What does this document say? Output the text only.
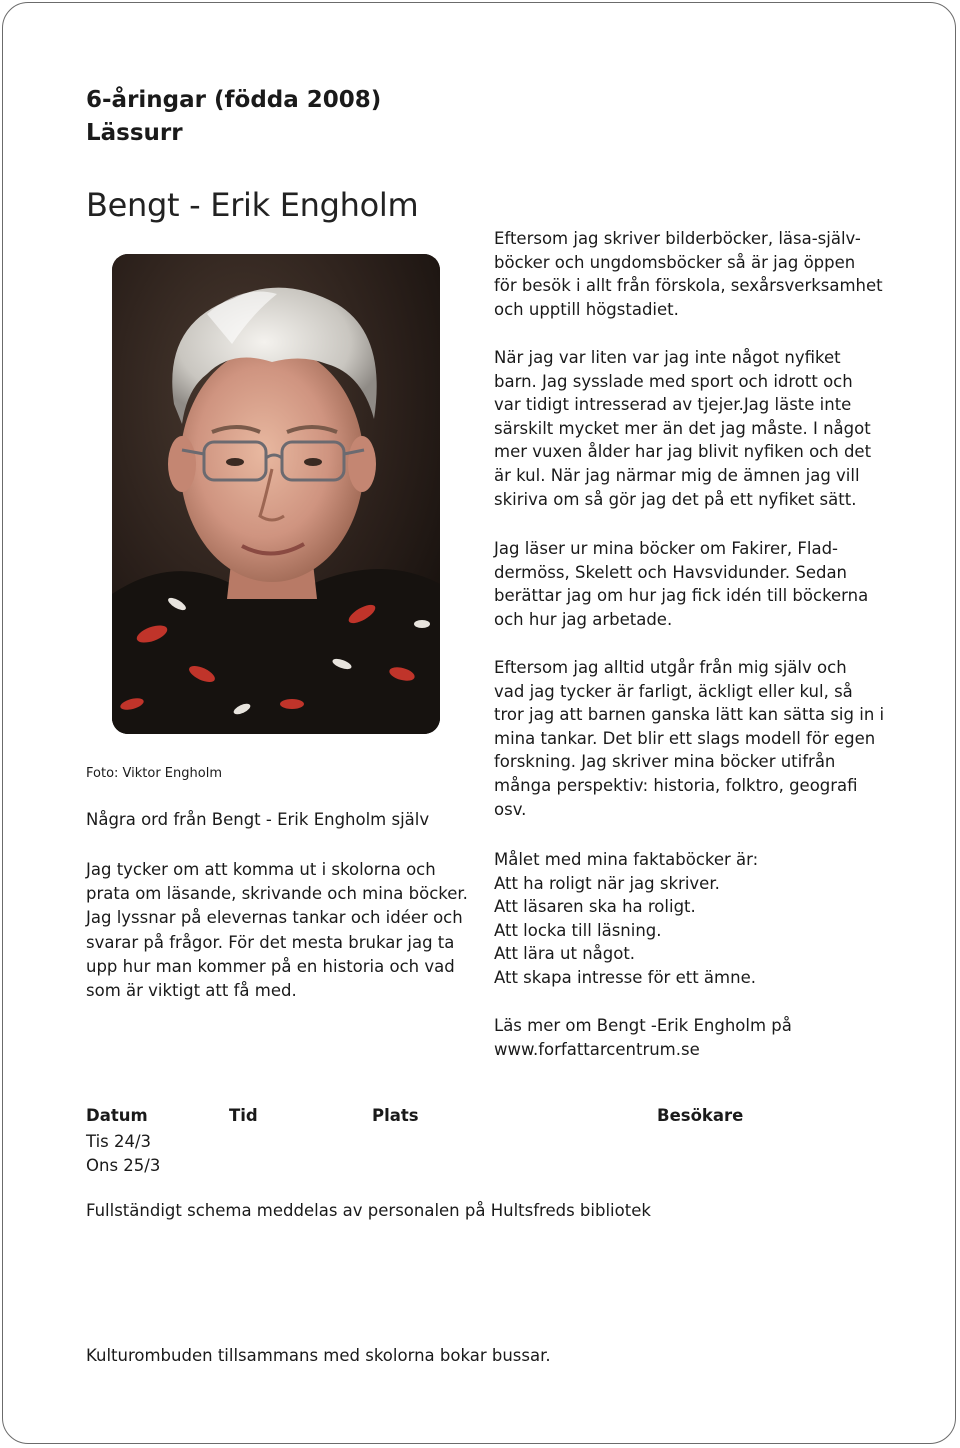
6-åringar (födda 2008)
Lässurr
Bengt - Erik Engholm
Foto: Viktor Engholm
Några ord från Bengt - Erik Engholm själv
Jag tycker om att komma ut i skolorna och
prata om läsande, skrivande och mina böcker.
Jag lyssnar på elevernas tankar och idéer och
svarar på frågor. För det mesta brukar jag ta
upp hur man kommer på en historia och vad
som är viktigt att få med.
Eftersom jag skriver bilderböcker, läsa-själv-
böcker och ungdomsböcker så är jag öppen
för besök i allt från förskola, sexårsverksamhet
och upptill högstadiet.
När jag var liten var jag inte något nyfiket
barn. Jag sysslade med sport och idrott och
var tidigt intresserad av tjejer.Jag läste inte
särskilt mycket mer än det jag måste. I något
mer vuxen ålder har jag blivit nyfiken och det
är kul. När jag närmar mig de ämnen jag vill
skiriva om så gör jag det på ett nyfiket sätt.
Jag läser ur mina böcker om Fakirer, Flad-
dermöss, Skelett och Havsvidunder. Sedan
berättar jag om hur jag fick idén till böckerna
och hur jag arbetade.
Eftersom jag alltid utgår från mig själv och
vad jag tycker är farligt, äckligt eller kul, så
tror jag att barnen ganska lätt kan sätta sig in i
mina tankar. Det blir ett slags modell för egen
forskning. Jag skriver mina böcker utifrån
många perspektiv: historia, folktro, geografi
osv.
Målet med mina faktaböcker är:
Att ha roligt när jag skriver.
Att läsaren ska ha roligt.
Att locka till läsning.
Att lära ut något.
Att skapa intresse för ett ämne.
Läs mer om Bengt -Erik Engholm på
www.forfattarcentrum.se
Datum	Tid	Plats	Besökare
Tis 24/3
Ons 25/3
Fullständigt schema meddelas av personalen på Hultsfreds bibliotek
Kulturombuden tillsammans med skolorna bokar bussar.
